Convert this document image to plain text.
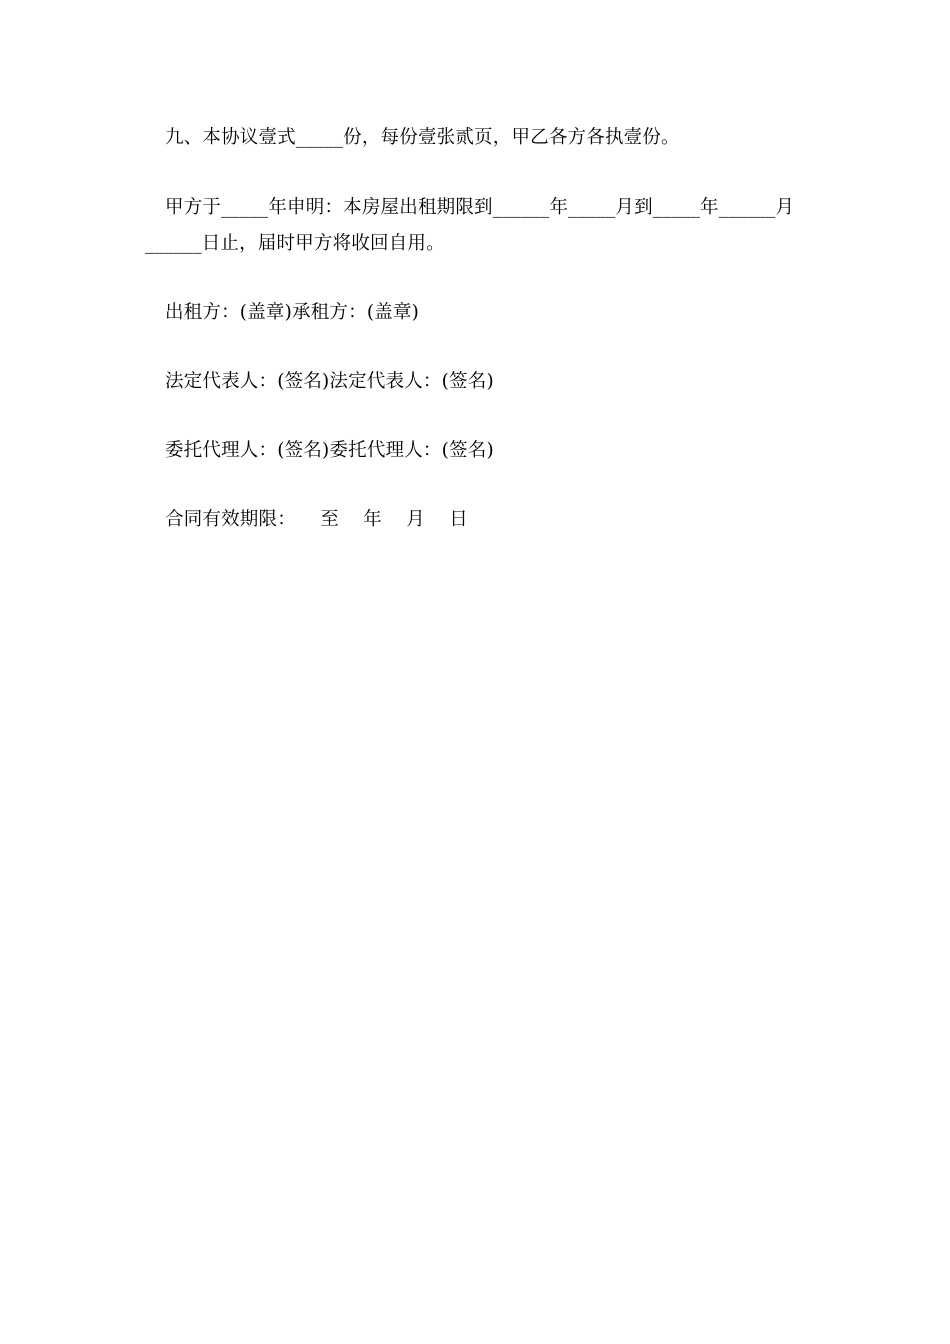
九、本协议壹式_____份，每份壹张贰页，甲乙各方各执壹份。
甲方于_____年申明：本房屋出租期限到______年_____月到_____年______月
______日止，届时甲方将收回自用。
出租方：(盖章)承租方：(盖章)
法定代表人：(签名)法定代表人：(签名)
委托代理人：(签名)委托代理人：(签名)
合同有效期限：    至    年    月    日
